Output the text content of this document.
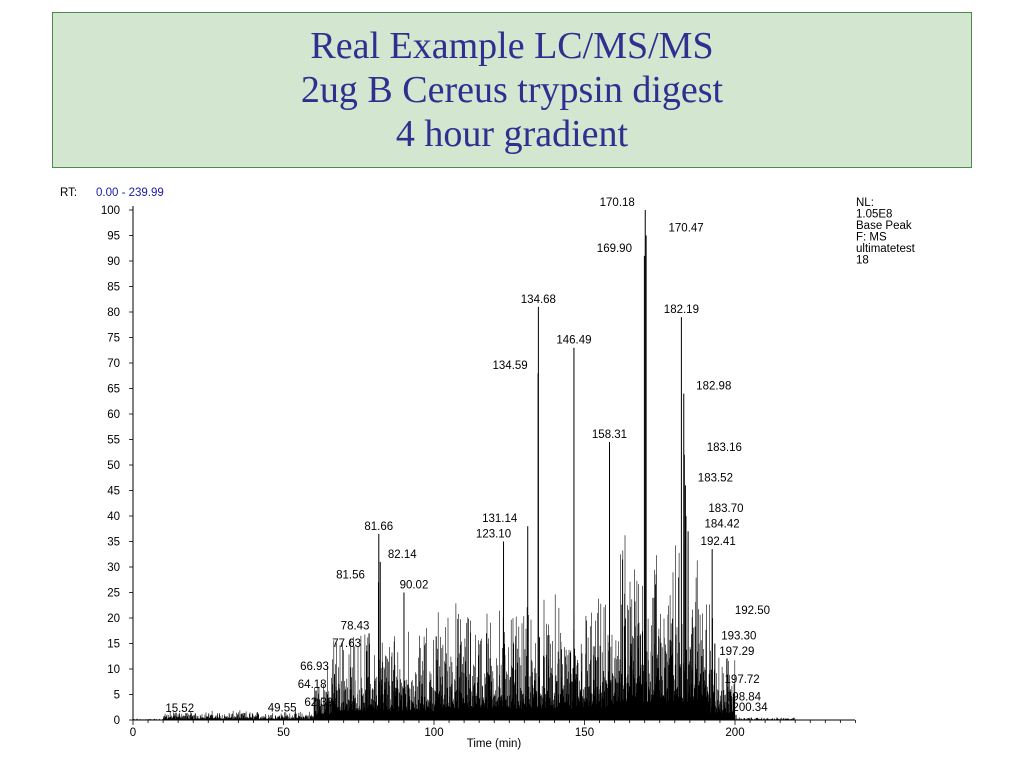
Real Example LC/MS/MS
2ug B Cereus trypsin digest
4 hour gradient
RT: 0.00 - 239.99
NL:
1.05E8
Base Peak
F: MS
ultimatetest
18
0	50	100	150	200
0
5
10
15
20
25
30
35
40
45
50
55
60
65
70
75
80
85
90
95
100
15.52	49.55 62.39
64.18
66.93
77.63
78.43
81.56
81.66
82.14
90.02
123.10
131.14
134.59
134.68
146.49
158.31
169.90
170.18
170.47
182.19
182.98
183.16
183.52
183.70
184.42
192.41
192.50
193.30
197.29
197.72
198.84
200.34
Time (min)
